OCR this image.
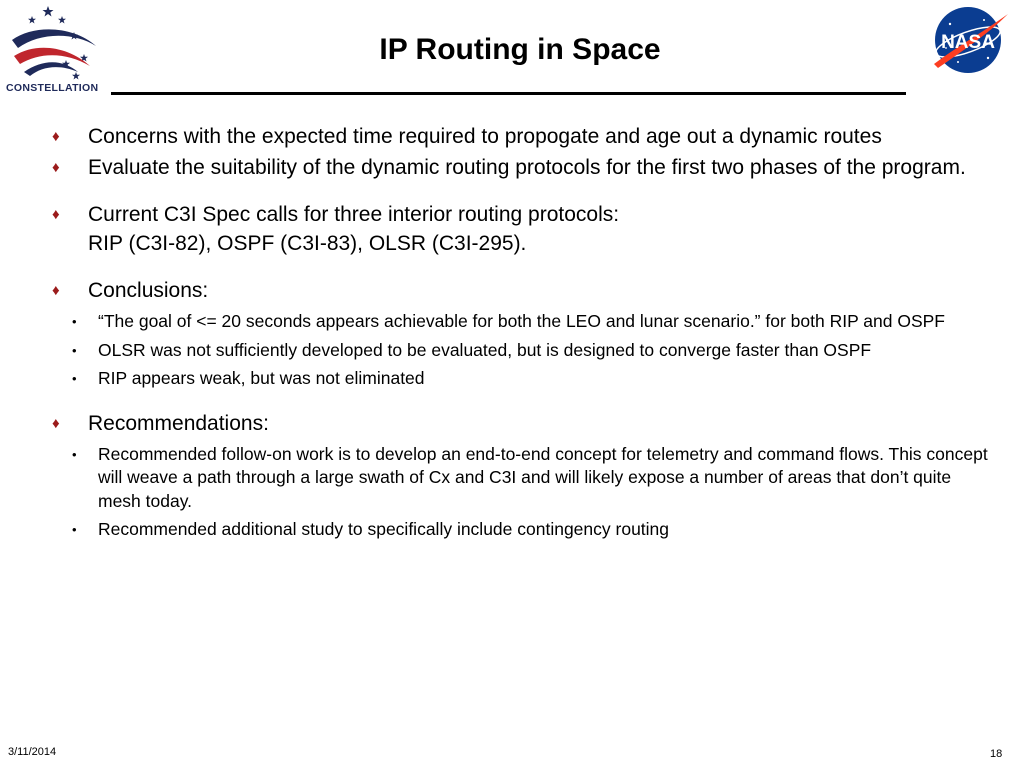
CONSTELLATION
IP Routing in Space	NASA
♦	Concerns with the expected time required to propogate and age out a dynamic routes
♦	Evaluate the suitability of the dynamic routing protocols for the first two phases of the program.
♦	Current C3I Spec calls for three interior routing protocols:
RIP (C3I-82), OSPF (C3I-83), OLSR (C3I-295).
♦	Conclusions:
• “The goal of <= 20 seconds appears achievable for both the LEO and lunar scenario.” for both RIP and OSPF
• OLSR was not sufficiently developed to be evaluated, but is designed to converge faster than OSPF
• RIP appears weak, but was not eliminated
♦	Recommendations:
• Recommended follow-on work is to develop an end-to-end concept for telemetry and command flows. This concept will weave a path through a large swath of Cx and C3I and will likely expose a number of areas that don’t quite mesh today.
• Recommended additional study to specifically include contingency routing
3/11/2014	18
